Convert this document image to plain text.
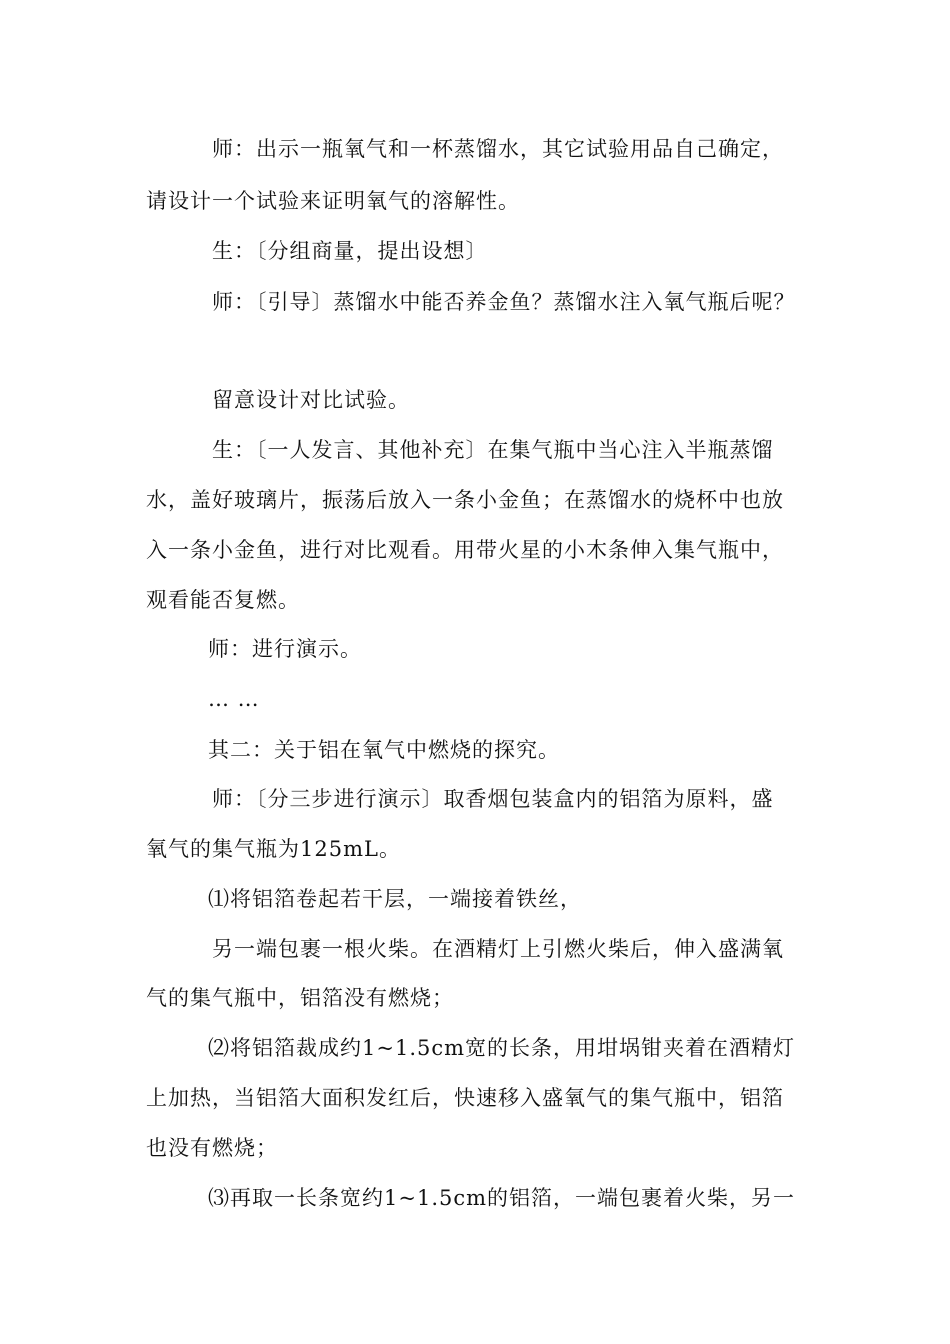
师：出示一瓶氧气和一杯蒸馏水，其它试验用品自己确定，
请设计一个试验来证明氧气的溶解性。
生：〔分组商量，提出设想〕
师：〔引导〕蒸馏水中能否养金鱼？蒸馏水注入氧气瓶后呢？
留意设计对比试验。
生：〔一人发言、其他补充〕在集气瓶中当心注入半瓶蒸馏
水，盖好玻璃片，振荡后放入一条小金鱼；在蒸馏水的烧杯中也放
入一条小金鱼，进行对比观看。用带火星的小木条伸入集气瓶中，
观看能否复燃。
师：进行演示。
… …
其二：关于铝在氧气中燃烧的探究。
师：〔分三步进行演示〕取香烟包装盒内的铝箔为原料，盛
氧气的集气瓶为125mL。
⑴将铝箔卷起若干层，一端接着铁丝，
另一端包裹一根火柴。在酒精灯上引燃火柴后，伸入盛满氧
气的集气瓶中，铝箔没有燃烧；
⑵将铝箔裁成约1~1.5cm宽的长条，用坩埚钳夹着在酒精灯
上加热，当铝箔大面积发红后，快速移入盛氧气的集气瓶中，铝箔
也没有燃烧；
⑶再取一长条宽约1~1.5cm的铝箔，一端包裹着火柴，另一
